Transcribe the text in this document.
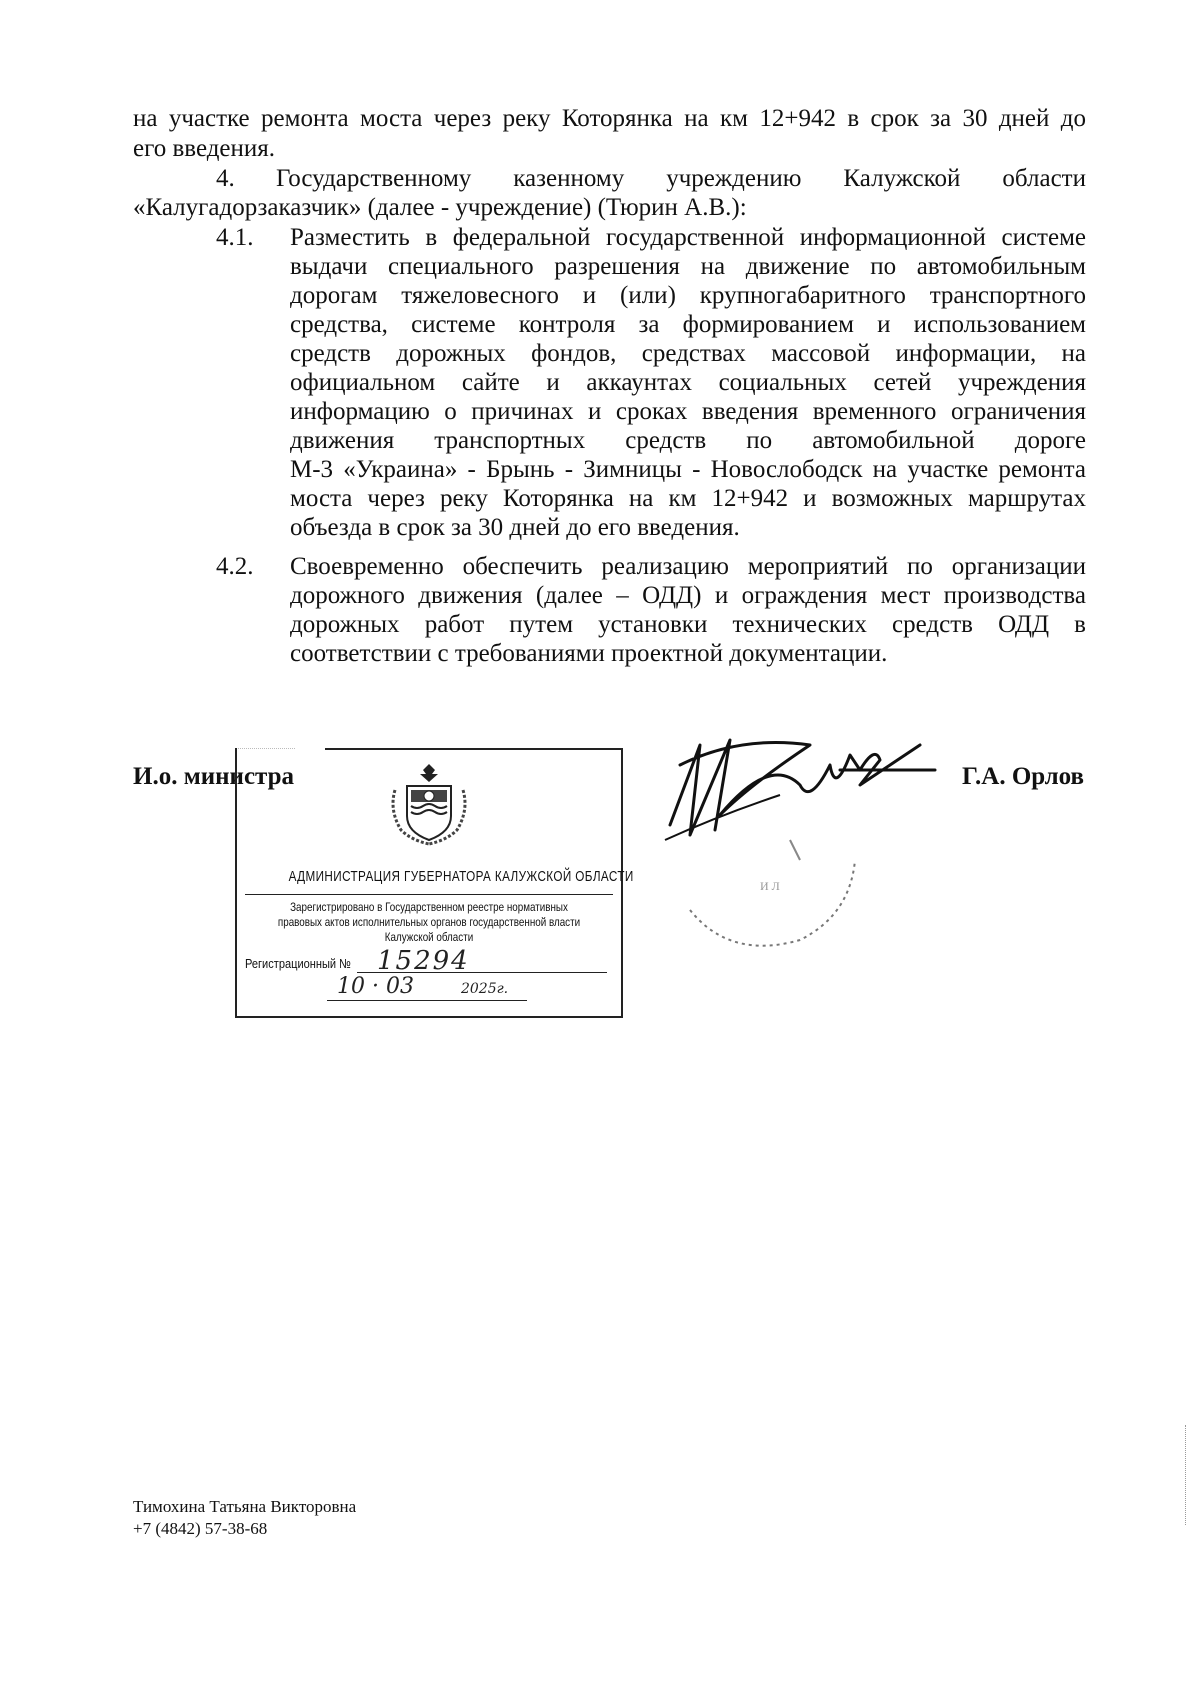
на участке ремонта моста через реку Которянка на км 12+942 в срок за 30 дней до
его введения.
4. Государственному казенному учреждению Калужской области
«Калугадорзаказчик» (далее - учреждение) (Тюрин А.В.):
4.1. Разместить в федеральной государственной информационной системе
выдачи специального разрешения на движение по автомобильным
дорогам тяжеловесного и (или) крупногабаритного транспортного
средства, системе контроля за формированием и использованием
средств дорожных фондов, средствах массовой информации, на
официальном сайте и аккаунтах социальных сетей учреждения
информацию о причинах и сроках введения временного ограничения
движения транспортных средств по автомобильной дороге
М-3 «Украина» - Брынь - Зимницы - Новослободск на участке ремонта
моста через реку Которянка на км 12+942 и возможных маршрутах
объезда в срок за 30 дней до его введения.
4.2. Своевременно обеспечить реализацию мероприятий по организации
дорожного движения (далее – ОДД) и ограждения мест производства
дорожных работ путем установки технических средств ОДД в
соответствии с требованиями проектной документации.
И.о. министра	Г.А. Орлов
АДМИНИСТРАЦИЯ ГУБЕРНАТОРА КАЛУЖСКОЙ ОБЛАСТИ
Зарегистрировано в Государственном реестре нормативных
правовых актов исполнительных органов государственной власти
Калужской области
Регистрационный № 15294
10 · 03	2025г.
И Л
Тимохина Татьяна Викторовна
+7 (4842) 57-38-68
